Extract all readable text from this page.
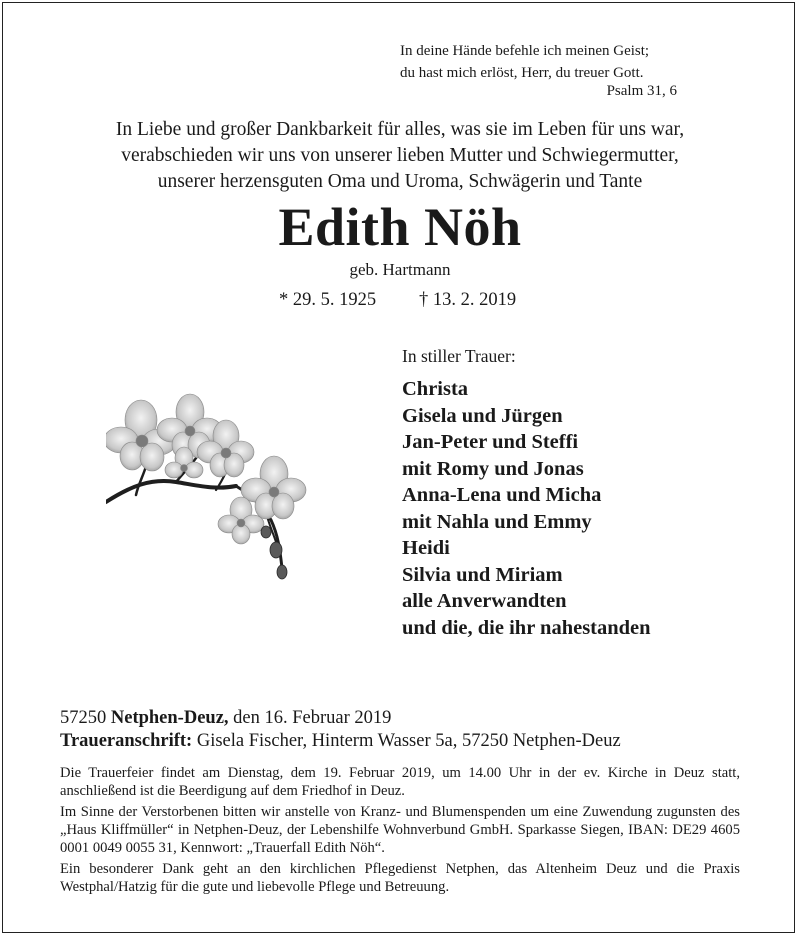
In deine Hände befehle ich meinen Geist;
du hast mich erlöst, Herr, du treuer Gott.
Psalm 31, 6
In Liebe und großer Dankbarkeit für alles, was sie im Leben für uns war,
verabschieden wir uns von unserer lieben Mutter und Schwiegermutter,
unserer herzensguten Oma und Uroma, Schwägerin und Tante
Edith Nöh
geb. Hartmann
* 29. 5. 1925 † 13. 2. 2019
In stiller Trauer:
Christa
Gisela und Jürgen
Jan-Peter und Steffi
mit Romy und Jonas
Anna-Lena und Micha
mit Nahla und Emmy
Heidi
Silvia und Miriam
alle Anverwandten
und die, die ihr nahestanden
57250 Netphen-Deuz, den 16. Februar 2019
Traueranschrift: Gisela Fischer, Hinterm Wasser 5a, 57250 Netphen-Deuz

Die Trauerfeier findet am Dienstag, dem 19. Februar 2019, um 14.00 Uhr in der ev. Kirche in Deuz statt, anschließend ist die Beerdigung auf dem Friedhof in Deuz.

Im Sinne der Verstorbenen bitten wir anstelle von Kranz- und Blumenspenden um eine Zuwendung zugunsten des „Haus Kliffmüller“ in Netphen-Deuz, der Lebenshilfe Wohnverbund GmbH. Sparkasse Siegen, IBAN: DE29 4605 0001 0049 0055 31, Kennwort: „Trauerfall Edith Nöh“.

Ein besonderer Dank geht an den kirchlichen Pflegedienst Netphen, das Altenheim Deuz und die Praxis Westphal/Hatzig für die gute und liebevolle Pflege und Betreuung.
